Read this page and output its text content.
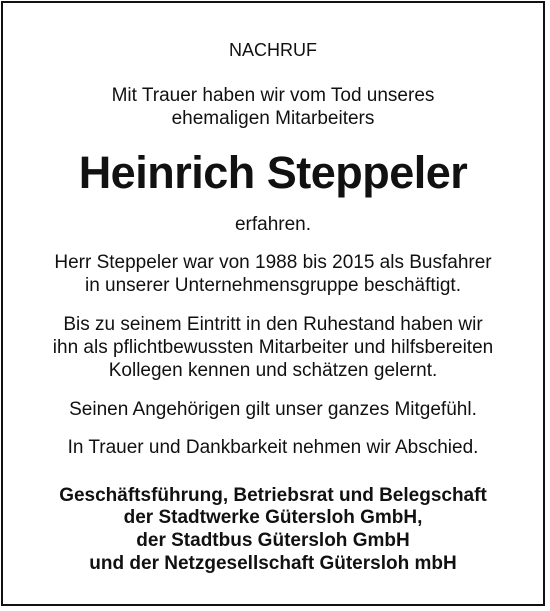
NACHRUF
Mit Trauer haben wir vom Tod unseres
ehemaligen Mitarbeiters
Heinrich Steppeler
erfahren.
Herr Steppeler war von 1988 bis 2015 als Busfahrer
in unserer Unternehmensgruppe beschäftigt.
Bis zu seinem Eintritt in den Ruhestand haben wir
ihn als pflichtbewussten Mitarbeiter und hilfsbereiten
Kollegen kennen und schätzen gelernt.
Seinen Angehörigen gilt unser ganzes Mitgefühl.
In Trauer und Dankbarkeit nehmen wir Abschied.
Geschäftsführung, Betriebsrat und Belegschaft
der Stadtwerke Gütersloh GmbH,
der Stadtbus Gütersloh GmbH
und der Netzgesellschaft Gütersloh mbH
